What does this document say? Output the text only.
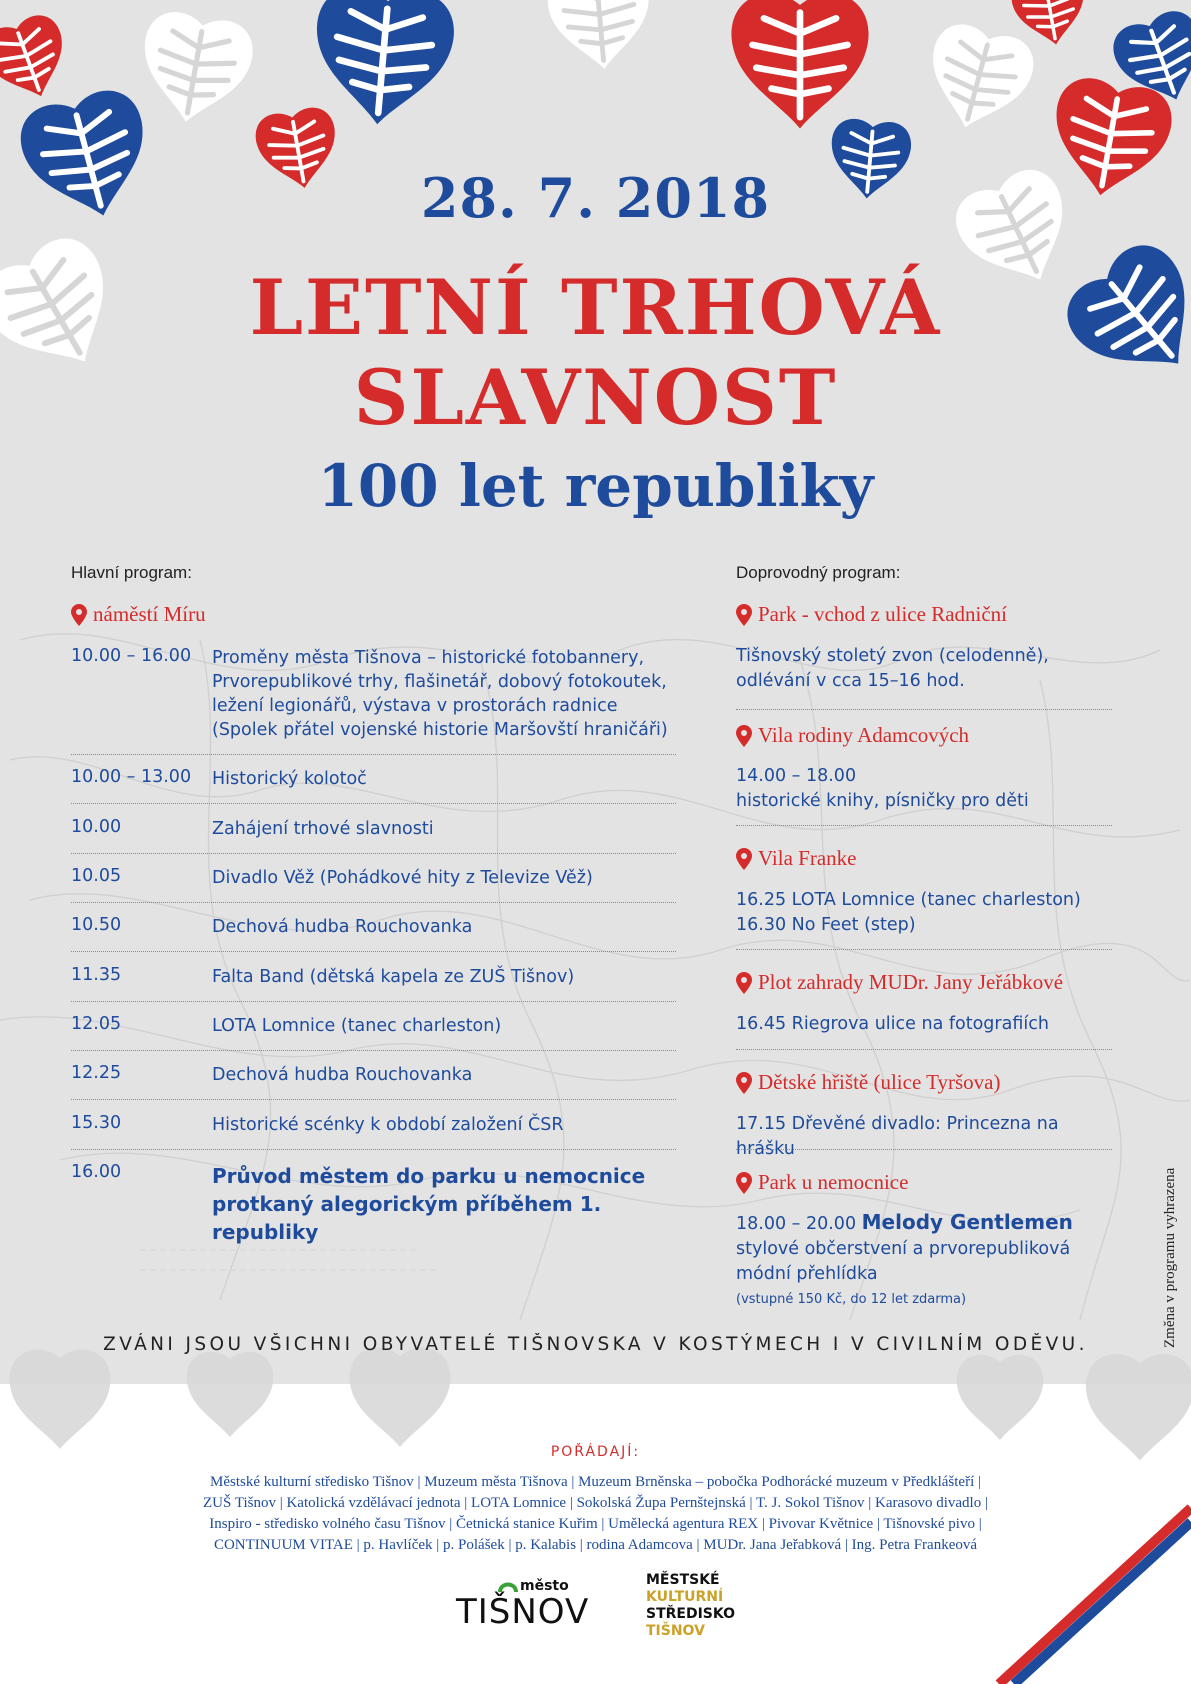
28. 7. 2018
LETNÍ TRHOVÁ
SLAVNOST
100 let republiky
Hlavní program:
náměstí Míru
10.00 – 16.00	Proměny města Tišnova – historické fotobannery, Prvorepublikové trhy, flašinetář, dobový fotokoutek, ležení legionářů, výstava v prostorách radnice (Spolek přátel vojenské historie Maršovští hraničáři)
10.00 – 13.00	Historický kolotoč
10.00	Zahájení trhové slavnosti
10.05	Divadlo Věž (Pohádkové hity z Televize Věž)
10.50	Dechová hudba Rouchovanka
11.35	Falta Band (dětská kapela ze ZUŠ Tišnov)
12.05	LOTA Lomnice (tanec charleston)
12.25	Dechová hudba Rouchovanka
15.30	Historické scénky k období založení ČSR
16.00	Průvod městem do parku u nemocnice protkaný alegorickým příběhem 1. republiky
Doprovodný program:
Park - vchod z ulice Radniční
Tišnovský stoletý zvon (celodenně),
odlévání v cca 15–16 hod.
Vila rodiny Adamcových
14.00 – 18.00
historické knihy, písničky pro děti
Vila Franke
16.25 LOTA Lomnice (tanec charleston)
16.30 No Feet (step)
Plot zahrady MUDr. Jany Jeřábkové
16.45 Riegrova ulice na fotografiích
Dětské hřiště (ulice Tyršova)
17.15 Dřevěné divadlo: Princezna na hrášku
Park u nemocnice
18.00 – 20.00 Melody Gentlemen
stylové občerstvení a prvorepubliková
módní přehlídka
(vstupné 150 Kč, do 12 let zdarma)
ZVÁNI JSOU VŠICHNI OBYVATELÉ TIŠNOVSKA V KOSTÝMECH I V CIVILNÍM ODĚVU.	Změna v programu vyhrazena
POŘÁDAJÍ:
Městské kulturní středisko Tišnov | Muzeum města Tišnova | Muzeum Brněnska – pobočka Podhorácké muzeum v Předklášteří |
ZUŠ Tišnov | Katolická vzdělávací jednota | LOTA Lomnice | Sokolská Župa Pernštejnská | T. J. Sokol Tišnov | Karasovo divadlo |
Inspiro - středisko volného času Tišnov | Četnická stanice Kuřim | Umělecká agentura REX | Pivovar Květnice | Tišnovské pivo |
CONTINUUM VITAE | p. Havlíček | p. Polášek | p. Kalabis | rodina Adamcova | MUDr. Jana Jeřabková | Ing. Petra Frankeová
město
TIŠNOV
MĚSTSKÉ
KULTURNÍ
STŘEDISKO
TIŠNOV
